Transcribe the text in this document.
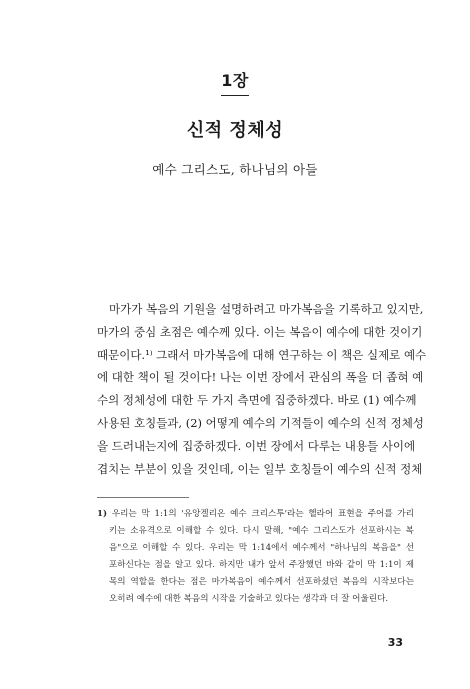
1장
신적 정체성
예수 그리스도, 하나님의 아들
마가가 복음의 기원을 설명하려고 마가복음을 기록하고 있지만,
마가의 중심 초점은 예수께 있다. 이는 복음이 예수에 대한 것이기
때문이다.¹⁾ 그래서 마가복음에 대해 연구하는 이 책은 실제로 예수
에 대한 책이 될 것이다! 나는 이번 장에서 관심의 폭을 더 좁혀 예
수의 정체성에 대한 두 가지 측면에 집중하겠다. 바로 (1) 예수께
사용된 호칭들과, (2) 어떻게 예수의 기적들이 예수의 신적 정체성
을 드러내는지에 집중하겠다. 이번 장에서 다루는 내용들 사이에
겹치는 부분이 있을 것인데, 이는 일부 호칭들이 예수의 신적 정체
1) 우리는 막 1:1의 '유앙겔리온 예수 크리스투'라는 헬라어 표현을 주어를 가리
키는 소유격으로 이해할 수 있다. 다시 말해, "예수 그리스도가 선포하시는 복
음"으로 이해할 수 있다. 우리는 막 1:14에서 예수께서 "하나님의 복음을" 선
포하신다는 점을 알고 있다. 하지만 내가 앞서 주장했던 바와 같이 막 1:1이 제
목의 역할을 한다는 점은 마가복음이 예수께서 선포하셨던 복음의 시작보다는
오히려 예수에 대한 복음의 시작을 기술하고 있다는 생각과 더 잘 어울린다.
33
